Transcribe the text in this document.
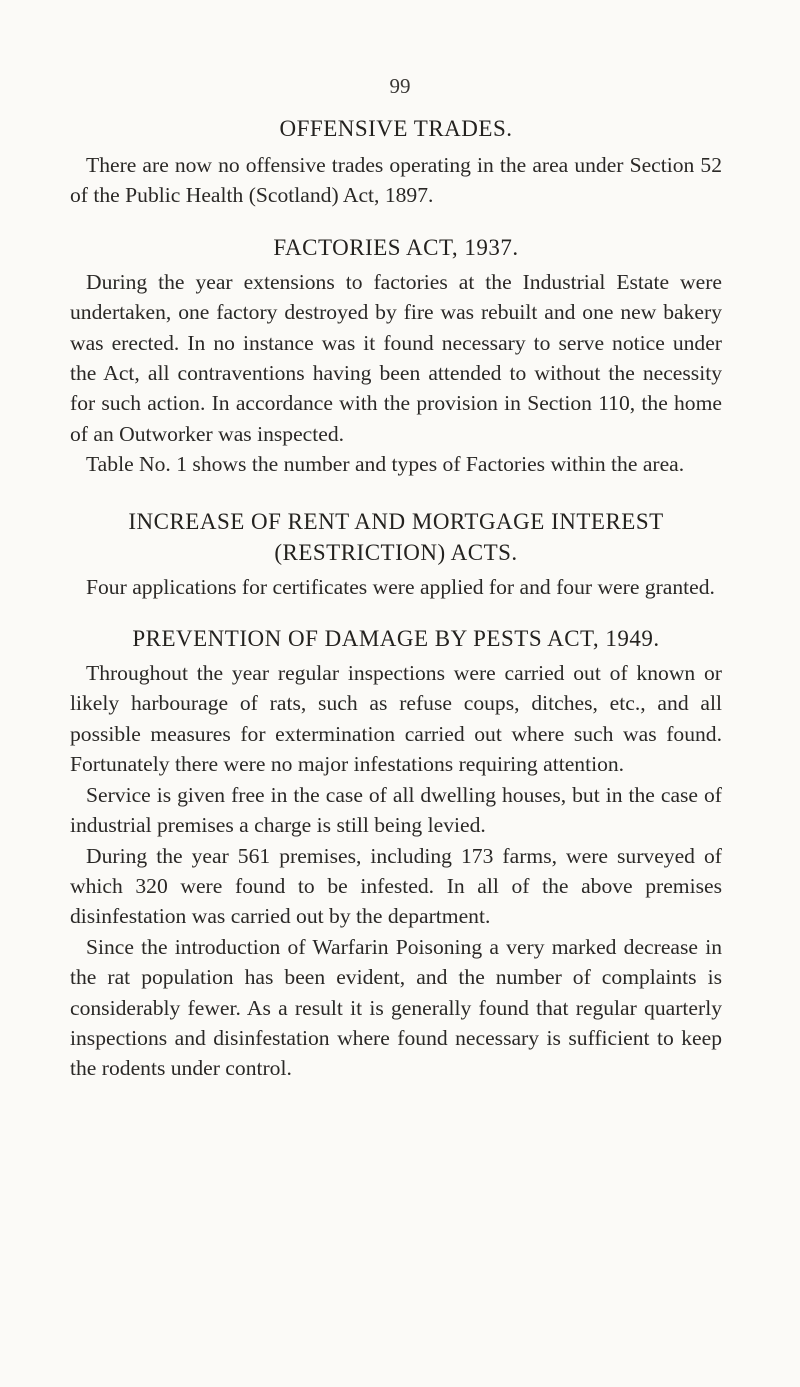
99
OFFENSIVE TRADES.

There are now no offensive trades operating in the area under Section 52 of the Public Health (Scotland) Act, 1897.

FACTORIES ACT, 1937.

During the year extensions to factories at the Industrial Estate were undertaken, one factory destroyed by fire was rebuilt and one new bakery was erected. In no instance was it found necessary to serve notice under the Act, all contraventions having been attended to without the necessity for such action. In accordance with the provision in Section 110, the home of an Outworker was inspected.

Table No. 1 shows the number and types of Factories within the area.

INCREASE OF RENT AND MORTGAGE INTEREST
(RESTRICTION) ACTS.

Four applications for certificates were applied for and four were granted.

PREVENTION OF DAMAGE BY PESTS ACT, 1949.

Throughout the year regular inspections were carried out of known or likely harbourage of rats, such as refuse coups, ditches, etc., and all possible measures for extermination carried out where such was found. Fortunately there were no major infestations requiring attention.

Service is given free in the case of all dwelling houses, but in the case of industrial premises a charge is still being levied.

During the year 561 premises, including 173 farms, were surveyed of which 320 were found to be infested. In all of the above premises disinfestation was carried out by the department.

Since the introduction of Warfarin Poisoning a very marked decrease in the rat population has been evident, and the number of complaints is considerably fewer. As a result it is generally found that regular quarterly inspections and disinfestation where found necessary is sufficient to keep the rodents under control.
